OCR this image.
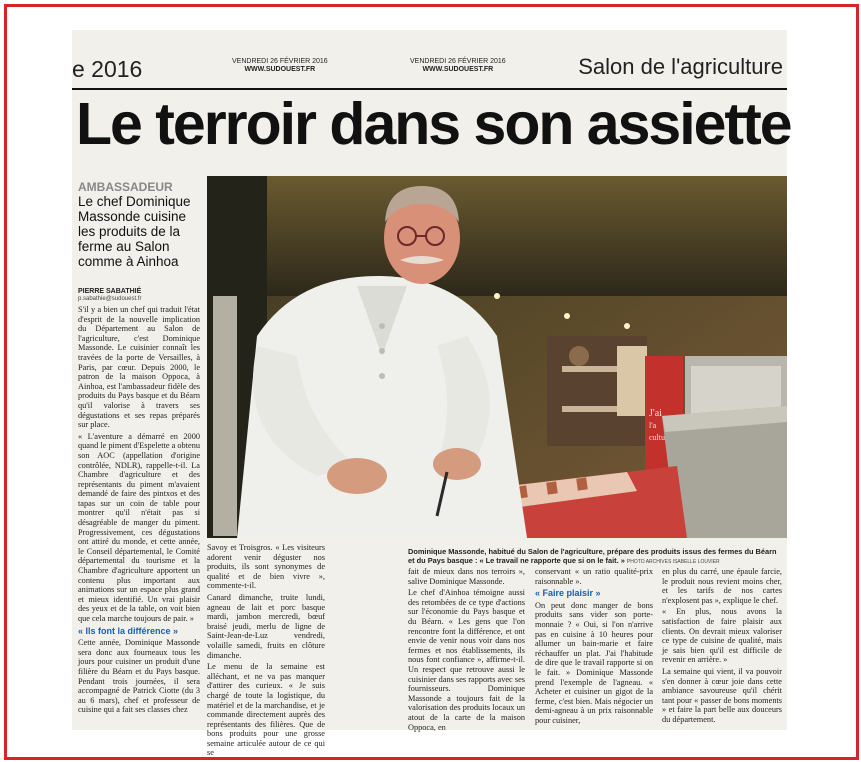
e 2016	VENDREDI 26 FÉVRIER 2016
WWW.SUDOUEST.FR
VENDREDI 26 FÉVRIER 2016
WWW.SUDOUEST.FR	Salon de l'agriculture
Le terroir dans son assiette
AMBASSADEUR
Le chef Dominique Massonde cuisine les produits de la ferme au Salon comme à Ainhoa
PIERRE SABATHIÉ
p.sabathie@sudouest.fr

S'il y a bien un chef qui traduit l'état d'esprit de la nouvelle implication du Département au Salon de l'agriculture, c'est Dominique Massonde. Le cuisinier connaît les travées de la porte de Versailles, à Paris, par cœur. Depuis 2000, le patron de la maison Oppoca, à Ainhoa, est l'ambassadeur fidèle des produits du Pays basque et du Béarn qu'il valorise à travers ses dégustations et ses repas préparés sur place.

« L'aventure a démarré en 2000 quand le piment d'Espelette a obtenu son AOC (appellation d'origine contrôlée, NDLR), rappelle-t-il. La Chambre d'agriculture et des représentants du piment m'avaient demandé de faire des pintxos et des tapas sur un coin de table pour montrer qu'il n'était pas si désagréable de manger du piment. Progressivement, ces dégustations ont attiré du monde, et cette année, le Conseil départemental, le Comité départemental du tourisme et la Chambre d'agriculture apportent un contenu plus important aux animations sur un espace plus grand et mieux identifié. Un vrai plaisir des yeux et de la table, on voit bien que cela marche toujours de pair. »

« Ils font la différence »

Cette année, Dominique Massonde sera donc aux fourneaux tous les jours pour cuisiner un produit d'une filière du Béarn et du Pays basque. Pendant trois journées, il sera accompagné de Patrick Ciotte (du 3 au 6 mars), chef et professeur de cuisine qui a fait ses classes chez

J'ai
l'a
cultu
Dominique Massonde, habitué du Salon de l'agriculture, prépare des produits issus des fermes du Béarn et du Pays basque : « Le travail ne rapporte que si on le fait. » PHOTO ARCHIVES ISABELLE LOUVIER

Savoy et Troisgros. « Les visiteurs adorent venir déguster nos produits, ils sont synonymes de qualité et de bien vivre », commente-t-il.

Canard dimanche, truite lundi, agneau de lait et porc basque mardi, jambon mercredi, bœuf braisé jeudi, merlu de ligne de Saint-Jean-de-Luz vendredi, volaille samedi, fruits en clôture dimanche.

Le menu de la semaine est alléchant, et ne va pas manquer d'attirer des curieux. « Je suis chargé de toute la logistique, du matériel et de la marchandise, et je commande directement auprès des représentants des filières. Que de bons produits pour une grosse semaine articulée autour de ce qui se

fait de mieux dans nos terroirs », salive Dominique Massonde.

Le chef d'Ainhoa témoigne aussi des retombées de ce type d'actions sur l'économie du Pays basque et du Béarn. « Les gens que l'on rencontre font la différence, et ont envie de venir nous voir dans nos fermes et nos établissements, ils nous font confiance », affirme-t-il. Un respect que retrouve aussi le cuisinier dans ses rapports avec ses fournisseurs. Dominique Massonde a toujours fait de la valorisation des produits locaux un atout de la carte de la maison Oppoca, en

conservant « un ratio qualité-prix raisonnable ».

« Faire plaisir »

On peut donc manger de bons produits sans vider son porte-monnaie ? « Oui, si l'on n'arrive pas en cuisine à 10 heures pour allumer un bain-marie et faire réchauffer un plat. J'ai l'habitude de dire que le travail rapporte si on le fait. » Dominique Massonde prend l'exemple de l'agneau. « Acheter et cuisiner un gigot de la ferme, c'est bien. Mais négocier un demi-agneau à un prix raisonnable pour cuisiner,

en plus du carré, une épaule farcie, le produit nous revient moins cher, et les tarifs de nos cartes n'explosent pas », explique le chef.

« En plus, nous avons la satisfaction de faire plaisir aux clients. On devrait mieux valoriser ce type de cuisine de qualité, mais je sais bien qu'il est difficile de revenir en arrière. »

La semaine qui vient, il va pouvoir s'en donner à cœur joie dans cette ambiance savoureuse qu'il chérit tant pour « passer de bons moments » et faire la part belle aux douceurs du département.
